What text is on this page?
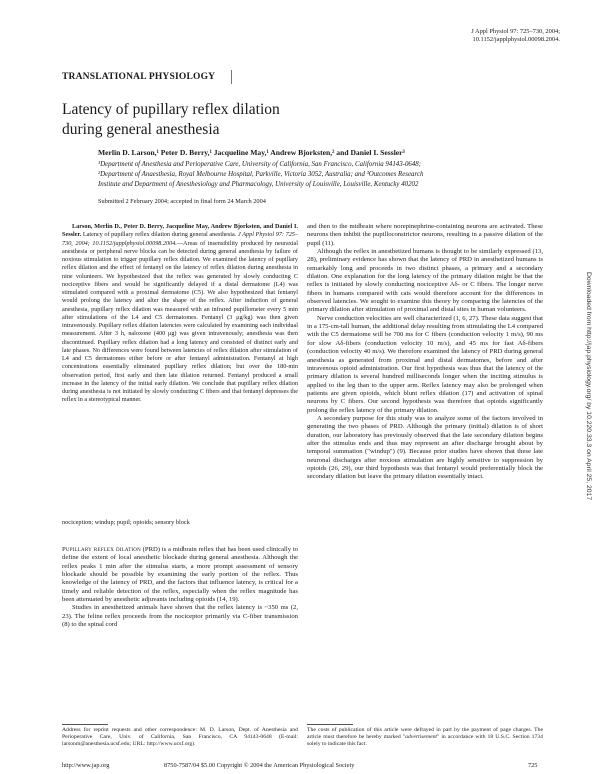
J Appl Physiol 97: 725–730, 2004;
10.1152/japplphysiol.00098.2004.
TRANSLATIONAL PHYSIOLOGY
Latency of pupillary reflex dilation
during general anesthesia
Merlin D. Larson,¹ Peter D. Berry,¹ Jacqueline May,¹ Andrew Bjorksten,² and Daniel I. Sessler³
¹Department of Anesthesia and Perioperative Care, University of California, San Francisco, California 94143-0648;
²Department of Anaesthesia, Royal Melbourne Hospital, Parkville, Victoria 3052, Australia; and ³Outcomes Research
Institute and Department of Anesthesiology and Pharmacology, University of Louisville, Louisville, Kentucky 40202
Submitted 2 February 2004; accepted in final form 24 March 2004

Larson, Merlin D., Peter D. Berry, Jacqueline May, Andrew Bjorksten, and Daniel I. Sessler. Latency of pupillary reflex dilation during general anesthesia. J Appl Physiol 97: 725–730, 2004; 10.1152/japplphysiol.00098.2004.—Areas of insensibility produced by neuraxial anesthesia or peripheral nerve blocks can be detected during general anesthesia by failure of noxious stimulation to trigger pupillary reflex dilation. We examined the latency of pupillary reflex dilation and the effect of fentanyl on the latency of reflex dilation during anesthesia in nine volunteers. We hypothesized that the reflex was generated by slowly conducting C nociceptive fibers and would be significantly delayed if a distal dermatome (L4) was stimulated compared with a proximal dermatome (C5). We also hypothesized that fentanyl would prolong the latency and alter the shape of the reflex. After induction of general anesthesia, pupillary reflex dilation was measured with an infrared pupillometer every 5 min after stimulations of the L4 and C5 dermatomes. Fentanyl (3 μg/kg) was then given intravenously. Pupillary reflex dilation latencies were calculated by examining each individual measurement. After 3 h, naloxone (400 μg) was given intravenously; anesthesia was then discontinued. Pupillary reflex dilation had a long latency and consisted of distinct early and late phases. No differences were found between latencies of reflex dilation after stimulation of L4 and C5 dermatomes either before or after fentanyl administration. Fentanyl at high concentrations essentially eliminated pupillary reflex dilation; but over the 180-min observation period, first early and then late dilation returned. Fentanyl produced a small increase in the latency of the initial early dilation. We conclude that pupillary reflex dilation during anesthesia is not initiated by slowly conducting C fibers and that fentanyl depresses the reflex in a stereotypical manner.

nociception; windup; pupil; opioids; sensory block

Pupillary reflex dilation (PRD) is a midbrain reflex that has been used clinically to define the extent of local anesthetic blockade during general anesthesia. Although the reflex peaks 1 min after the stimulus starts, a more prompt assessment of sensory blockade should be possible by examining the early portion of the reflex. Thus knowledge of the latency of PRD, and the factors that influence latency, is critical for a timely and reliable detection of the reflex, especially when the reflex magnitude has been attenuated by anesthetic adjuvants including opioids (14, 19).

Studies in anesthetized animals have shown that the reflex latency is ~350 ms (2, 23). The feline reflex proceeds from the nociceptor primarily via C-fiber transmission (8) to the spinal cord

and then to the midbrain where norepinephrine-containing neurons are activated. These neurons then inhibit the pupilloconstrictor neurons, resulting in a passive dilation of the pupil (11).

Although the reflex in anesthetized humans is thought to be similarly expressed (13, 28), preliminary evidence has shown that the latency of PRD in anesthetized humans is remarkably long and proceeds in two distinct phases, a primary and a secondary dilation. One explanation for the long latency of the primary dilation might be that the reflex is initiated by slowly conducting nociceptive Aδ- or C fibers. The longer nerve fibers in humans compared with cats would therefore account for the differences in observed latencies. We sought to examine this theory by comparing the latencies of the primary dilation after stimulation of proximal and distal sites in human volunteers.

Nerve conduction velocities are well characterized (1, 6, 27). These data suggest that in a 175-cm-tall human, the additional delay resulting from stimulating the L4 compared with the C5 dermatome will be 700 ms for C fibers (conduction velocity 1 m/s), 90 ms for slow Aδ-fibers (conduction velocity 10 m/s), and 45 ms for fast Aδ-fibers (conduction velocity 40 m/s). We therefore examined the latency of PRD during general anesthesia as generated from proximal and distal dermatomes, before and after intravenous opioid administration. Our first hypothesis was thus that the latency of the primary dilation is several hundred milliseconds longer when the inciting stimulus is applied to the leg than to the upper arm. Reflex latency may also be prolonged when patients are given opioids, which blunt reflex dilation (17) and activation of spinal neurons by C fibers. Our second hypothesis was therefore that opioids significantly prolong the reflex latency of the primary dilation.

A secondary purpose for this study was to analyze some of the factors involved in generating the two phases of PRD. Although the primary (initial) dilation is of short duration, our laboratory has previously observed that the late secondary dilation begins after the stimulus ends and thus may represent an after discharge brought about by temporal summation ("windup") (9). Because prior studies have shown that these late neuronal discharges after noxious stimulation are highly sensitive to suppression by opioids (26, 29), our third hypothesis was that fentanyl would preferentially block the secondary dilation but leave the primary dilation essentially intact.

Address for reprint requests and other correspondence: M. D. Larson, Dept. of Anesthesia and Perioperative Care, Univ. of California, San Francisco, CA 94143-0648 (E-mail: larsonm@anesthesia.ucsf.edu; URL: http://www.ucsf.org).
The costs of publication of this article were defrayed in part by the payment of page charges. The article must therefore be hereby marked "advertisement" in accordance with 18 U.S.C. Section 1734 solely to indicate this fact.
http://www.jap.org	8750-7587/04 $5.00 Copyright © 2004 the American Physiological Society	725
Downloaded from http://jap.physiology.org/ by 10.220.33.3 on April 25, 2017
